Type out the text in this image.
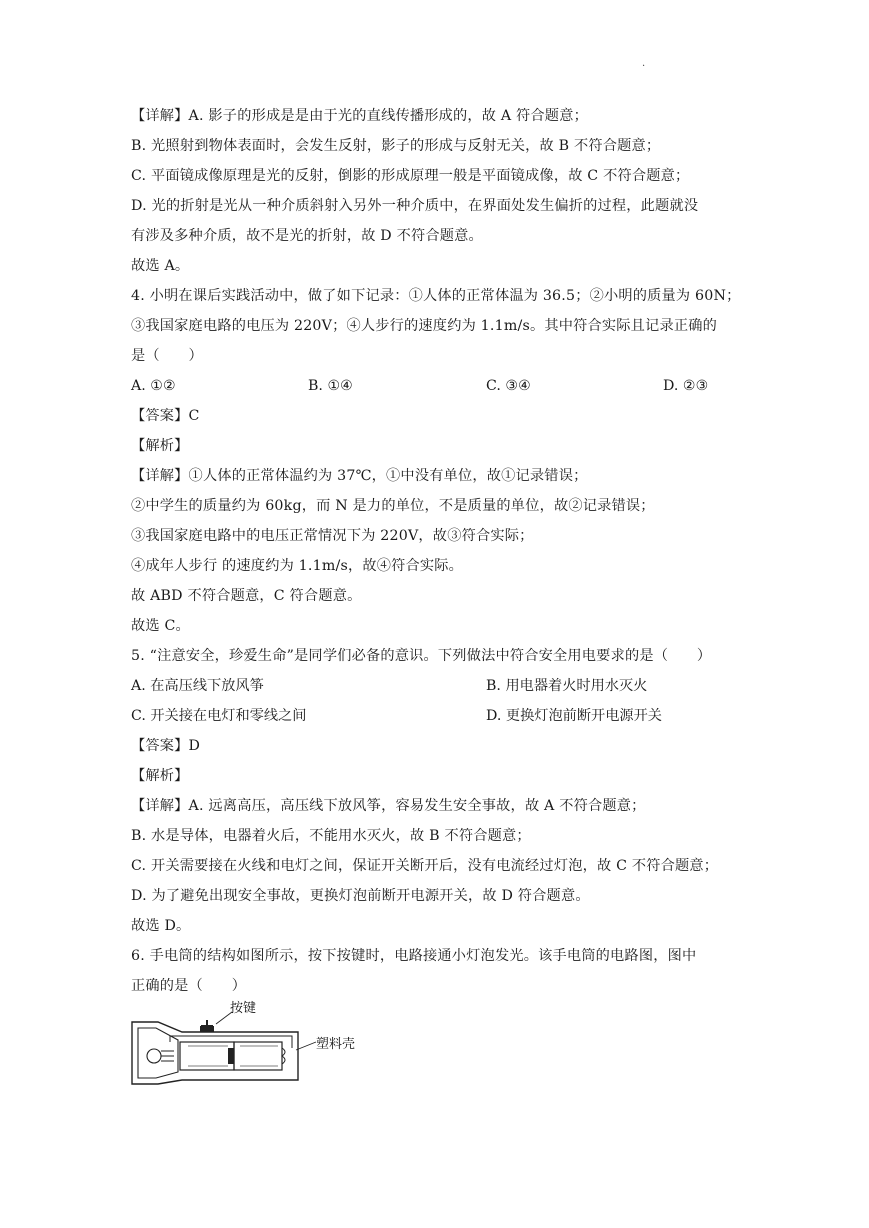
.
【详解】A. 影子的形成是是由于光的直线传播形成的，故 A 符合题意；
B. 光照射到物体表面时，会发生反射，影子的形成与反射无关，故 B 不符合题意；
C. 平面镜成像原理是光的反射，倒影的形成原理一般是平面镜成像，故 C 不符合题意；
D. 光的折射是光从一种介质斜射入另外一种介质中，在界面处发生偏折的过程，此题就没
有涉及多种介质，故不是光的折射，故 D 不符合题意。
故选 A。
4. 小明在课后实践活动中，做了如下记录：①人体的正常体温为 36.5；②小明的质量为 60N；
③我国家庭电路的电压为 220V；④人步行的速度约为 1.1m/s。其中符合实际且记录正确的
是（　　）
A. ①②	B. ①④	C. ③④	D. ②③
【答案】C
【解析】
【详解】①人体的正常体温约为 37℃，①中没有单位，故①记录错误；
②中学生的质量约为 60kg，而 N 是力的单位，不是质量的单位，故②记录错误；
③我国家庭电路中的电压正常情况下为 220V，故③符合实际；
④成年人步行 的速度约为 1.1m/s，故④符合实际。
故 ABD 不符合题意，C 符合题意。
故选 C。
5. “注意安全，珍爱生命”是同学们必备的意识。下列做法中符合安全用电要求的是（　　）
A. 在高压线下放风筝	B. 用电器着火时用水灭火
C. 开关接在电灯和零线之间	D. 更换灯泡前断开电源开关
【答案】D
【解析】
【详解】A. 远离高压，高压线下放风筝，容易发生安全事故，故 A 不符合题意；
B. 水是导体，电器着火后，不能用水灭火，故 B 不符合题意；
C. 开关需要接在火线和电灯之间，保证开关断开后，没有电流经过灯泡，故 C 不符合题意；
D. 为了避免出现安全事故，更换灯泡前断开电源开关，故 D 符合题意。
故选 D。
6. 手电筒的结构如图所示，按下按键时，电路接通小灯泡发光。该手电筒的电路图，图中
正确的是（　　）
按键
塑料壳
